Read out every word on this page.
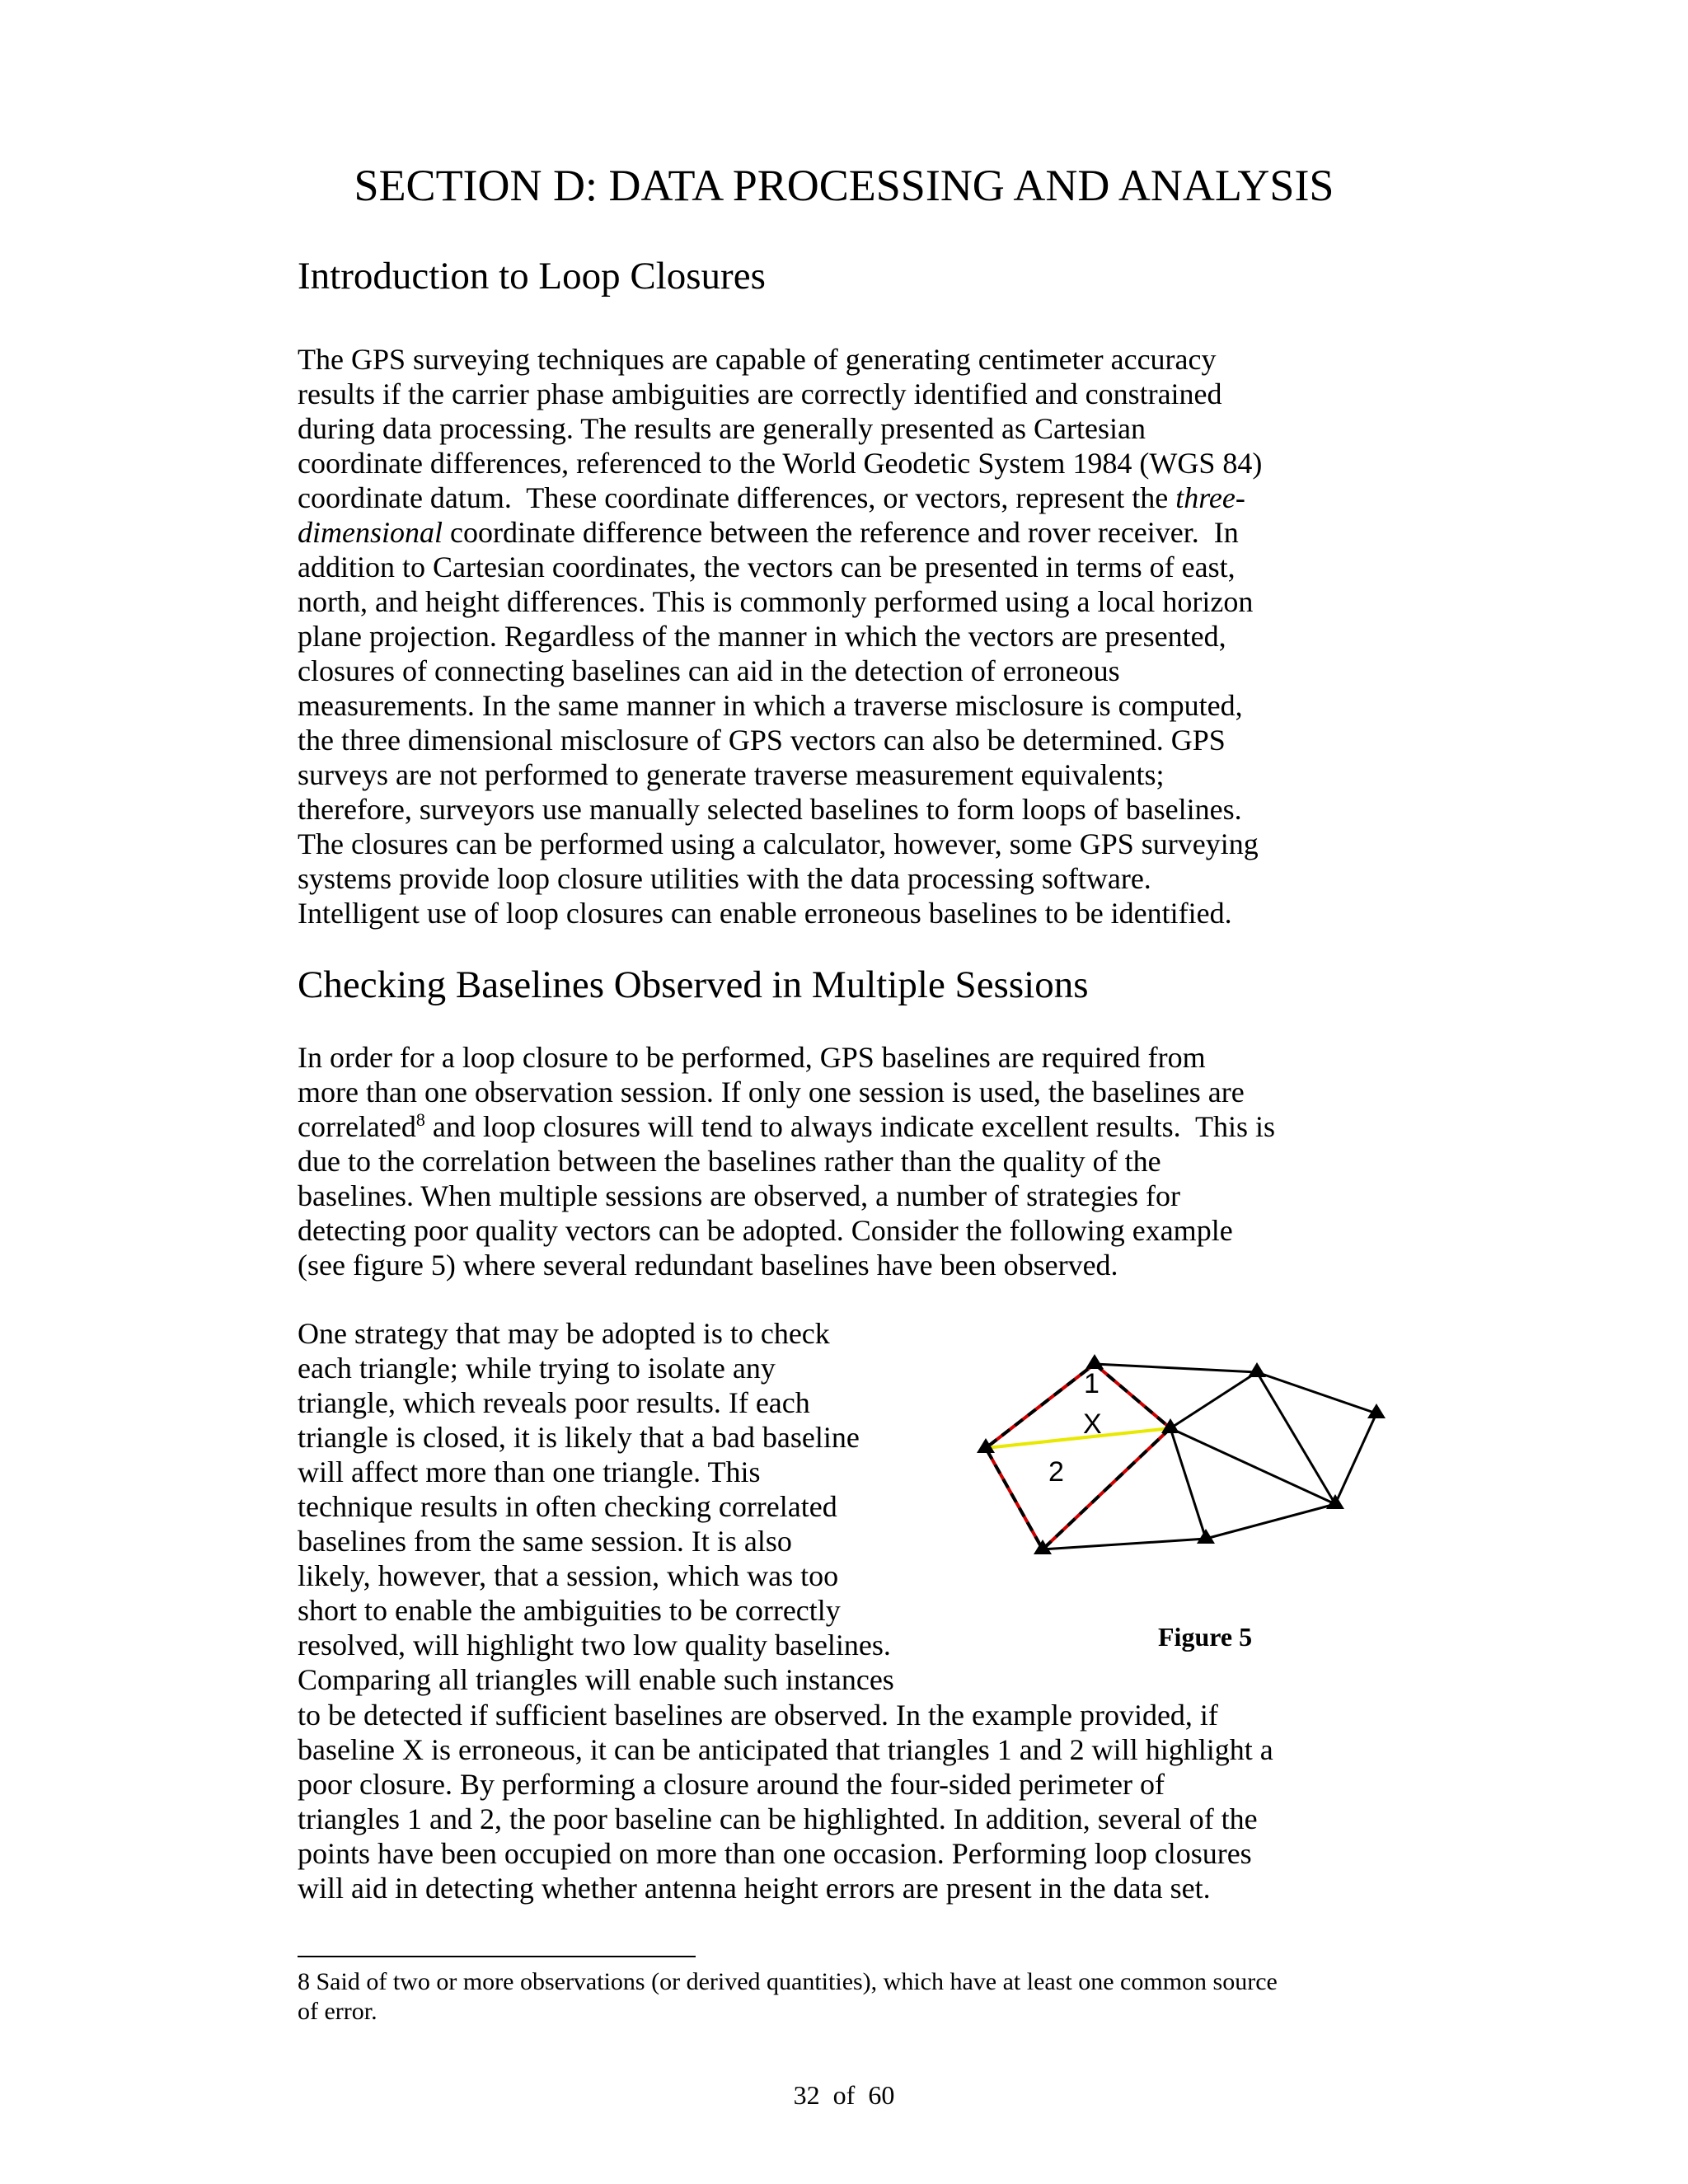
SECTION D: DATA PROCESSING AND ANALYSIS
Introduction to Loop Closures
The GPS surveying techniques are capable of generating centimeter accuracy
results if the carrier phase ambiguities are correctly identified and constrained
during data processing. The results are generally presented as Cartesian
coordinate differences, referenced to the World Geodetic System 1984 (WGS 84)
coordinate datum.  These coordinate differences, or vectors, represent the three-
dimensional coordinate difference between the reference and rover receiver.  In
addition to Cartesian coordinates, the vectors can be presented in terms of east,
north, and height differences. This is commonly performed using a local horizon
plane projection. Regardless of the manner in which the vectors are presented,
closures of connecting baselines can aid in the detection of erroneous
measurements. In the same manner in which a traverse misclosure is computed,
the three dimensional misclosure of GPS vectors can also be determined. GPS
surveys are not performed to generate traverse measurement equivalents;
therefore, surveyors use manually selected baselines to form loops of baselines.
The closures can be performed using a calculator, however, some GPS surveying
systems provide loop closure utilities with the data processing software.
Intelligent use of loop closures can enable erroneous baselines to be identified.
Checking Baselines Observed in Multiple Sessions
In order for a loop closure to be performed, GPS baselines are required from
more than one observation session. If only one session is used, the baselines are
correlated$^8$ and loop closures will tend to always indicate excellent results.  This is
due to the correlation between the baselines rather than the quality of the
baselines. When multiple sessions are observed, a number of strategies for
detecting poor quality vectors can be adopted. Consider the following example
(see figure 5) where several redundant baselines have been observed.
One strategy that may be adopted is to check
each triangle; while trying to isolate any
triangle, which reveals poor results. If each
triangle is closed, it is likely that a bad baseline
will affect more than one triangle. This
technique results in often checking correlated
baselines from the same session. It is also
likely, however, that a session, which was too
short to enable the ambiguities to be correctly
resolved, will highlight two low quality baselines.
Comparing all triangles will enable such instances
1
X
2
Figure 5
to be detected if sufficient baselines are observed. In the example provided, if
baseline X is erroneous, it can be anticipated that triangles 1 and 2 will highlight a
poor closure. By performing a closure around the four-sided perimeter of
triangles 1 and 2, the poor baseline can be highlighted. In addition, several of the
points have been occupied on more than one occasion. Performing loop closures
will aid in detecting whether antenna height errors are present in the data set.
8 Said of two or more observations (or derived quantities), which have at least one common source
of error.
32  of  60
